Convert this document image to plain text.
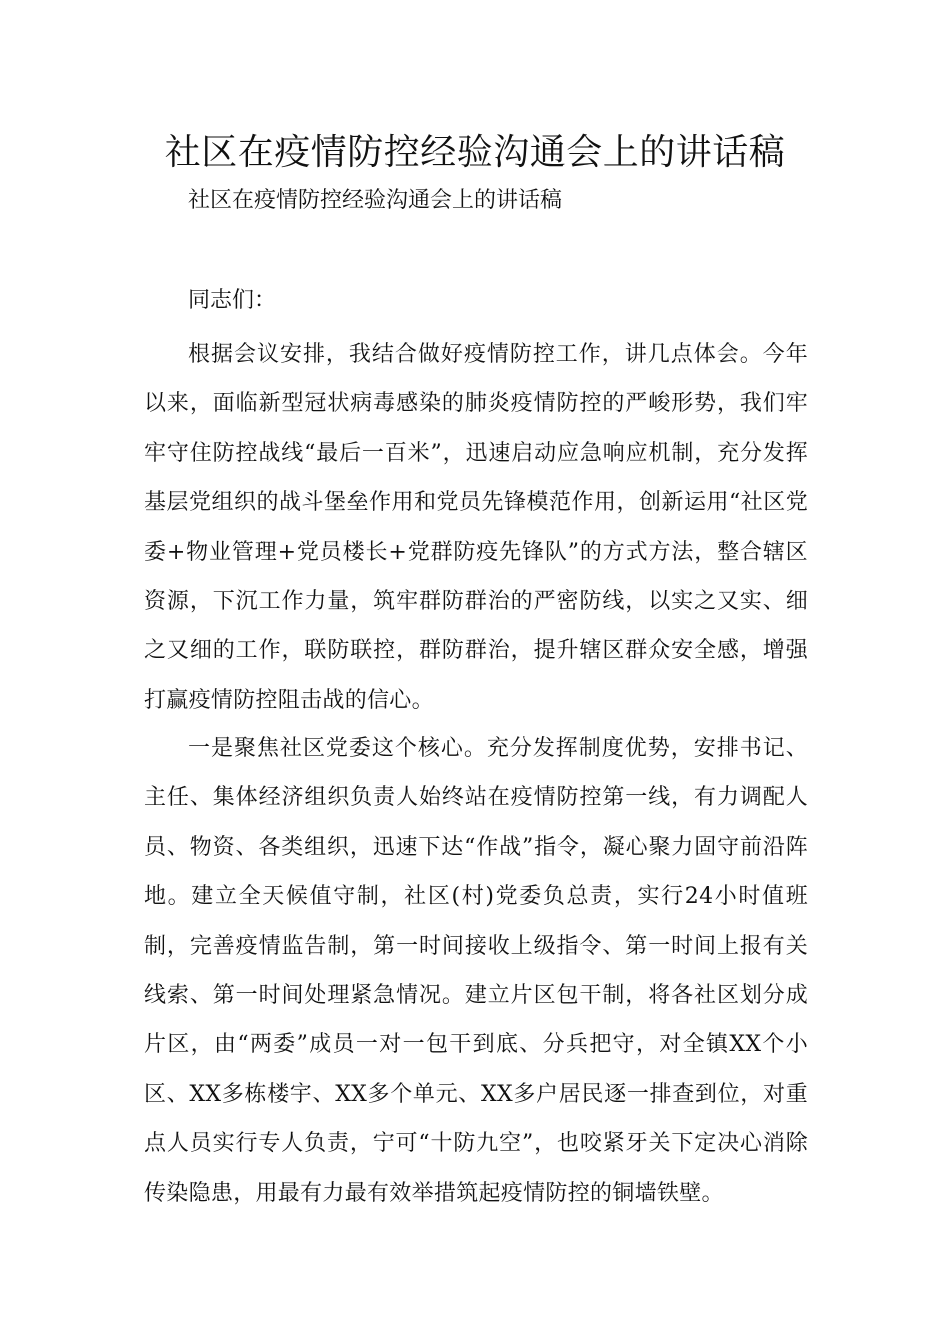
社区在疫情防控经验沟通会上的讲话稿

社区在疫情防控经验沟通会上的讲话稿

同志们：

根据会议安排，我结合做好疫情防控工作，讲几点体会。今年以来，面临新型冠状病毒感染的肺炎疫情防控的严峻形势，我们牢牢守住防控战线“最后一百米”，迅速启动应急响应机制，充分发挥基层党组织的战斗堡垒作用和党员先锋模范作用，创新运用“社区党委+物业管理+党员楼长+党群防疫先锋队”的方式方法，整合辖区资源，下沉工作力量，筑牢群防群治的严密防线，以实之又实、细之又细的工作，联防联控，群防群治，提升辖区群众安全感，增强打赢疫情防控阻击战的信心。

一是聚焦社区党委这个核心。充分发挥制度优势，安排书记、主任、集体经济组织负责人始终站在疫情防控第一线，有力调配人员、物资、各类组织，迅速下达“作战”指令，凝心聚力固守前沿阵地。建立全天候值守制，社区(村)党委负总责，实行24小时值班制，完善疫情监告制，第一时间接收上级指令、第一时间上报有关线索、第一时间处理紧急情况。建立片区包干制，将各社区划分成片区，由“两委”成员一对一包干到底、分兵把守，对全镇XX个小区、XX多栋楼宇、XX多个单元、XX多户居民逐一排查到位，对重点人员实行专人负责，宁可“十防九空”，也咬紧牙关下定决心消除传染隐患，用最有力最有效举措筑起疫情防控的铜墙铁壁。
